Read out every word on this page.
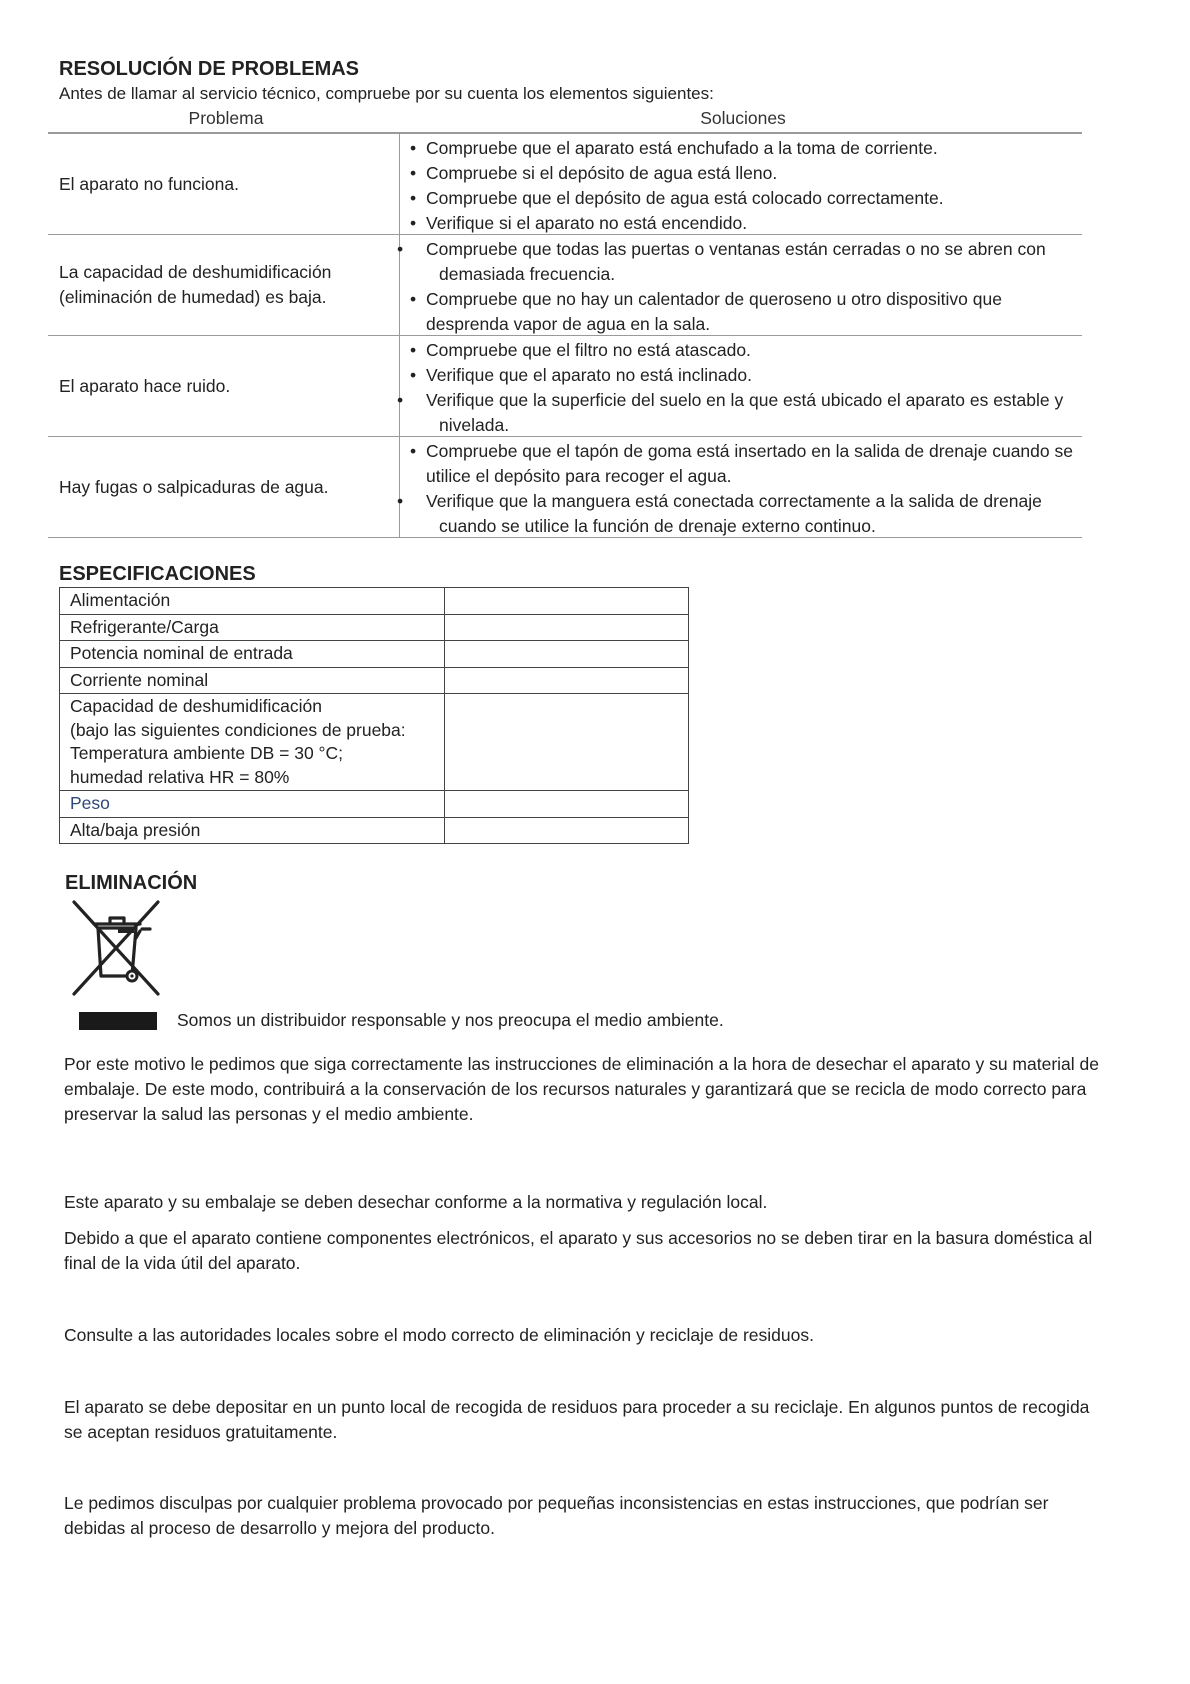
RESOLUCIÓN DE PROBLEMAS

Antes de llamar al servicio técnico, compruebe por su cuenta los elementos siguientes:

Problema	Soluciones
El aparato no funciona.
• Compruebe que el aparato está enchufado a la toma de corriente.
• Compruebe si el depósito de agua está lleno.
• Compruebe que el depósito de agua está colocado correctamente.
• Verifique si el aparato no está encendido.
La capacidad de deshumidificación (eliminación de humedad) es baja.
• Compruebe que todas las puertas o ventanas están cerradas o no se abren con demasiada frecuencia.
• Compruebe que no hay un calentador de queroseno u otro dispositivo que desprenda vapor de agua en la sala.
El aparato hace ruido.
• Compruebe que el filtro no está atascado.
• Verifique que el aparato no está inclinado.
• Verifique que la superficie del suelo en la que está ubicado el aparato es estable y nivelada.
Hay fugas o salpicaduras de agua.
• Compruebe que el tapón de goma está insertado en la salida de drenaje cuando se utilice el depósito para recoger el agua.
• Verifique que la manguera está conectada correctamente a la salida de drenaje cuando se utilice la función de drenaje externo continuo.
ESPECIFICACIONES
Alimentación	
Refrigerante/Carga	
Potencia nominal de entrada	
Corriente nominal	
Capacidad de deshumidificación
(bajo las siguientes condiciones de prueba:
Temperatura ambiente DB = 30 °C;
humedad relativa HR = 80%	
Peso	
Alta/baja presión	
ELIMINACIÓN

Somos un distribuidor responsable y nos preocupa el medio ambiente.

Por este motivo le pedimos que siga correctamente las instrucciones de eliminación a la hora de desechar el aparato y su material de embalaje. De este modo, contribuirá a la conservación de los recursos naturales y garantizará que se recicla de modo correcto para preservar la salud las personas y el medio ambiente.

Este aparato y su embalaje se deben desechar conforme a la normativa y regulación local.

Debido a que el aparato contiene componentes electrónicos, el aparato y sus accesorios no se deben tirar en la basura doméstica al final de la vida útil del aparato.

Consulte a las autoridades locales sobre el modo correcto de eliminación y reciclaje de residuos.

El aparato se debe depositar en un punto local de recogida de residuos para proceder a su reciclaje. En algunos puntos de recogida se aceptan residuos gratuitamente.

Le pedimos disculpas por cualquier problema provocado por pequeñas inconsistencias en estas instrucciones, que podrían ser debidas al proceso de desarrollo y mejora del producto.
